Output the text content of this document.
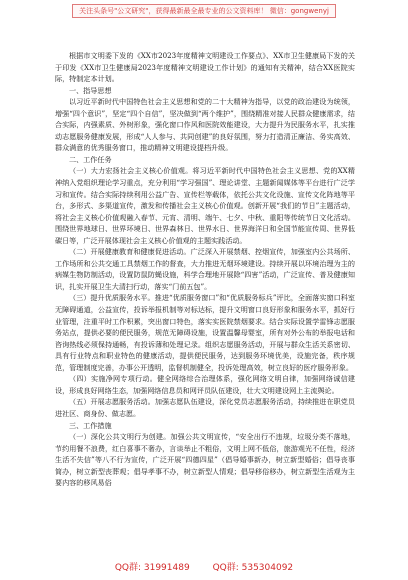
关注头条号"公文研究"，获得最新最全最专业的公文资料库！ 微信：gongwenyj

根据市文明委下发的《XX市2023年度精神文明建设工作要点》、XX市卫生健康局下发的关于印发《XX市卫生健康局2023年度精神文明建设工作计划》的通知有关精神，结合XX医院实际，特制定本计划。

一、指导思想

以习近平新时代中国特色社会主义思想和党的二十大精神为指导，以党的政治建设为统领，增强“四个意识”，坚定“四个自信”，坚决做到“两个维护”，围绕精准对接人民群众健康需求，结合实际，内强素质、外树形象，强化窗口作风和医院效能建设，大力提升为民服务水平，扎实推动志愿服务健康发展，形成“人人参与、共同创建”的良好氛围，努力打造清正廉洁、务实高效、群众满意的优秀服务窗口，推动精神文明建设提档升级。

二、工作任务

（一）大力宏扬社会主义核心价值观。将习近平新时代中国特色社会主义思想、党的XX精神纳入党组织理论学习重点，充分利用“学习强国”、理论讲堂、主题新闻媒体等平台进行广泛学习和宣传。结合实际持续利用公益广告、宣传栏等载体，依托公共文化设施、宣传文化阵地等平台，多形式、多渠道宣传，激发和传播社会主义核心价值观。创新开展“我们的节日”主题活动，将社会主义核心价值观融入春节、元宵、清明、端午、七夕、中秋、重阳等传统节日文化活动。围绕世界地球日、世界环境日、世界森林日、世界水日、世界海洋日和全国节能宣传周、世界低碳日等，广泛开展体现社会主义核心价值观的主题实践活动。

（二）开展健康教育和健康促进活动。广泛深入开展禁烟、控烟宣传，加强室内公共场所、工作场所和公共交通工具禁烟工作的督查，大力推进无烟环境建设。持续开展以环境治理为主的病媒生物防制活动，设置防鼠防蝇设施，科学合理地开展除“四害”活动，广泛宣传、普及健康知识，扎实开展卫生大清扫行动，落实“门前五包”。

（三）提升优质服务水平。推进“优质服务窗口”和“优质服务标兵”评比，全面落实窗口科室无障碍通道，公益宣传，投诉举报机制等对标达标，提升文明窗口良好形象和服务水平，抓好行业管理，注重平时工作积累，突出窗口特色，落实实医院禁烟要求。结合实际设置学雷锋志愿服务站点，提供必要的便民服务，规范无障碍设施，设置温馨母婴室，所有对外公布的举报电话和咨询热线必须保持通畅，有投诉薄和处理记录。组织志愿服务活动，开展与群众生活关系密切、具有行业特点和职业特色的健康活动，提供便民服务，达到服务环境优美，设施完备，秩序规范，管理制度完善，办事公开透明，监督机制健全，投诉处理高效，树立良好的医疗服务形象。

（四）实施净网专项行动。健全网络综合治理体系，强化网络文明自律，加强网络诚信建设，形成良好网络生态，加强网络信息员和网评员队伍建设，壮大文明建设网上主流舆论。

（五）开展志愿服务活动。加强志愿队伍建设，深化党员志愿服务活动，持续推进在职党员进社区、商身份、做志愿。

三、工作措施

（一）深化公共文明行为创建。加强公共文明宣传，“安全出行不违规，垃圾分类不落地，节约用餐不浪费，红白喜事不奢办，言谈举止不粗俗，文明上网不低俗，旅游观光不任性，经济生活不失信”等八不行为宣传，广泛开展“四德四星”（倡导婚事新办，树立新型婚俗；倡导丧事简办，树立新型丧葬观；倡导孝事不办，树立新型人情观；倡导移俗移办，树立新型生活观为主要内容的移风易俗

QQ群: 31991489	QQ群: 535304092
